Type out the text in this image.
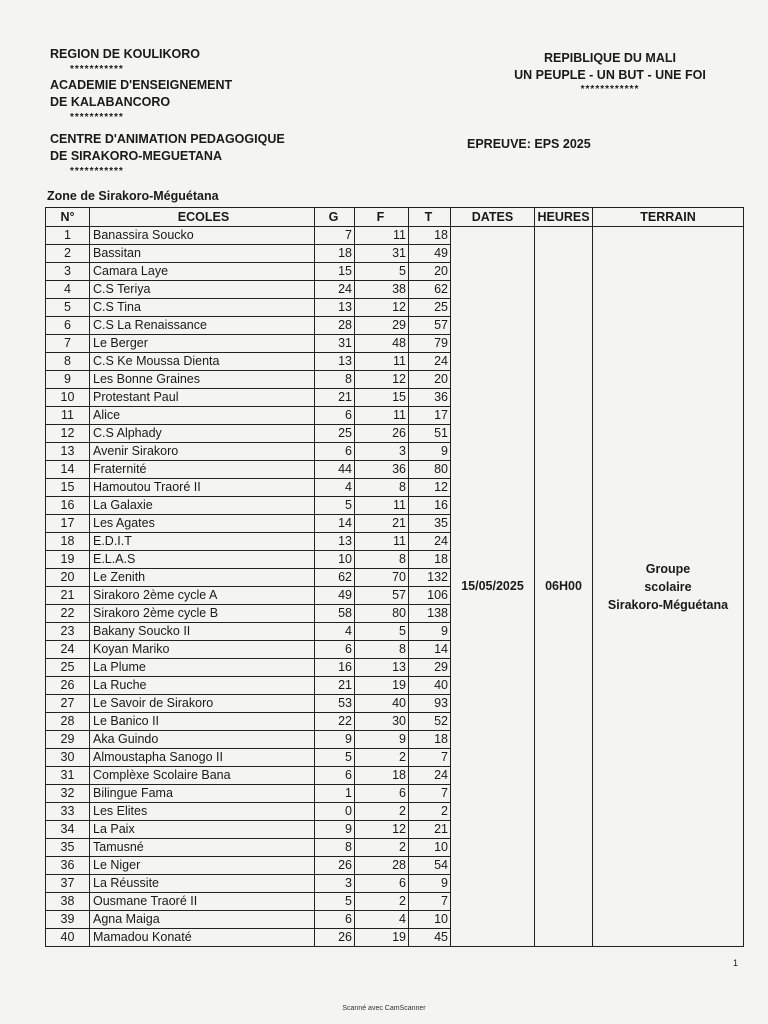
REGION DE KOULIKORO
***********
ACADEMIE D'ENSEIGNEMENT
DE KALABANCORO
***********
CENTRE D'ANIMATION PEDAGOGIQUE
DE SIRAKORO-MEGUETANA
***********
REPIBLIQUE DU MALI
UN PEUPLE - UN BUT - UNE FOI
************
EPREUVE: EPS 2025
Zone de Sirakoro-Méguétana
N°	ECOLES	G	F	T	DATES	HEURES	TERRAIN
1	Banassira Soucko	7	11	18	15/05/2025	06H00	Groupe
scolaire
Sirakoro-Méguétana

2	Bassitan	18	31	49			
3	Camara Laye	15	5	20			
4	C.S Teriya	24	38	62			
5	C.S Tina	13	12	25			
6	C.S La Renaissance	28	29	57			
7	Le Berger	31	48	79			
8	C.S Ke Moussa Dienta	13	11	24			
9	Les Bonne Graines	8	12	20			
10	Protestant Paul	21	15	36			
11	Alice	6	11	17			
12	C.S Alphady	25	26	51			
13	Avenir Sirakoro	6	3	9			
14	Fraternité	44	36	80			
15	Hamoutou Traoré II	4	8	12			
16	La Galaxie	5	11	16			
17	Les Agates	14	21	35			
18	E.D.I.T	13	11	24			
19	E.L.A.S	10	8	18			
20	Le Zenith	62	70	132			
21	Sirakoro 2ème cycle A	49	57	106			
22	Sirakoro 2ème cycle B	58	80	138			
23	Bakany Soucko II	4	5	9			
24	Koyan Mariko	6	8	14			
25	La Plume	16	13	29			
26	La Ruche	21	19	40			
27	Le Savoir de Sirakoro	53	40	93			
28	Le Banico II	22	30	52			
29	Aka Guindo	9	9	18			
30	Almoustapha Sanogo II	5	2	7			
31	Complèxe Scolaire Bana	6	18	24			
32	Bilingue Fama	1	6	7			
33	Les Elites	0	2	2			
34	La Paix	9	12	21			
35	Tamusné	8	2	10			
36	Le Niger	26	28	54			
37	La Réussite	3	6	9			
38	Ousmane Traoré II	5	2	7			
39	Agna Maiga	6	4	10			
40	Mamadou Konaté	26	19	45			
1
Scanné avec CamScanner
